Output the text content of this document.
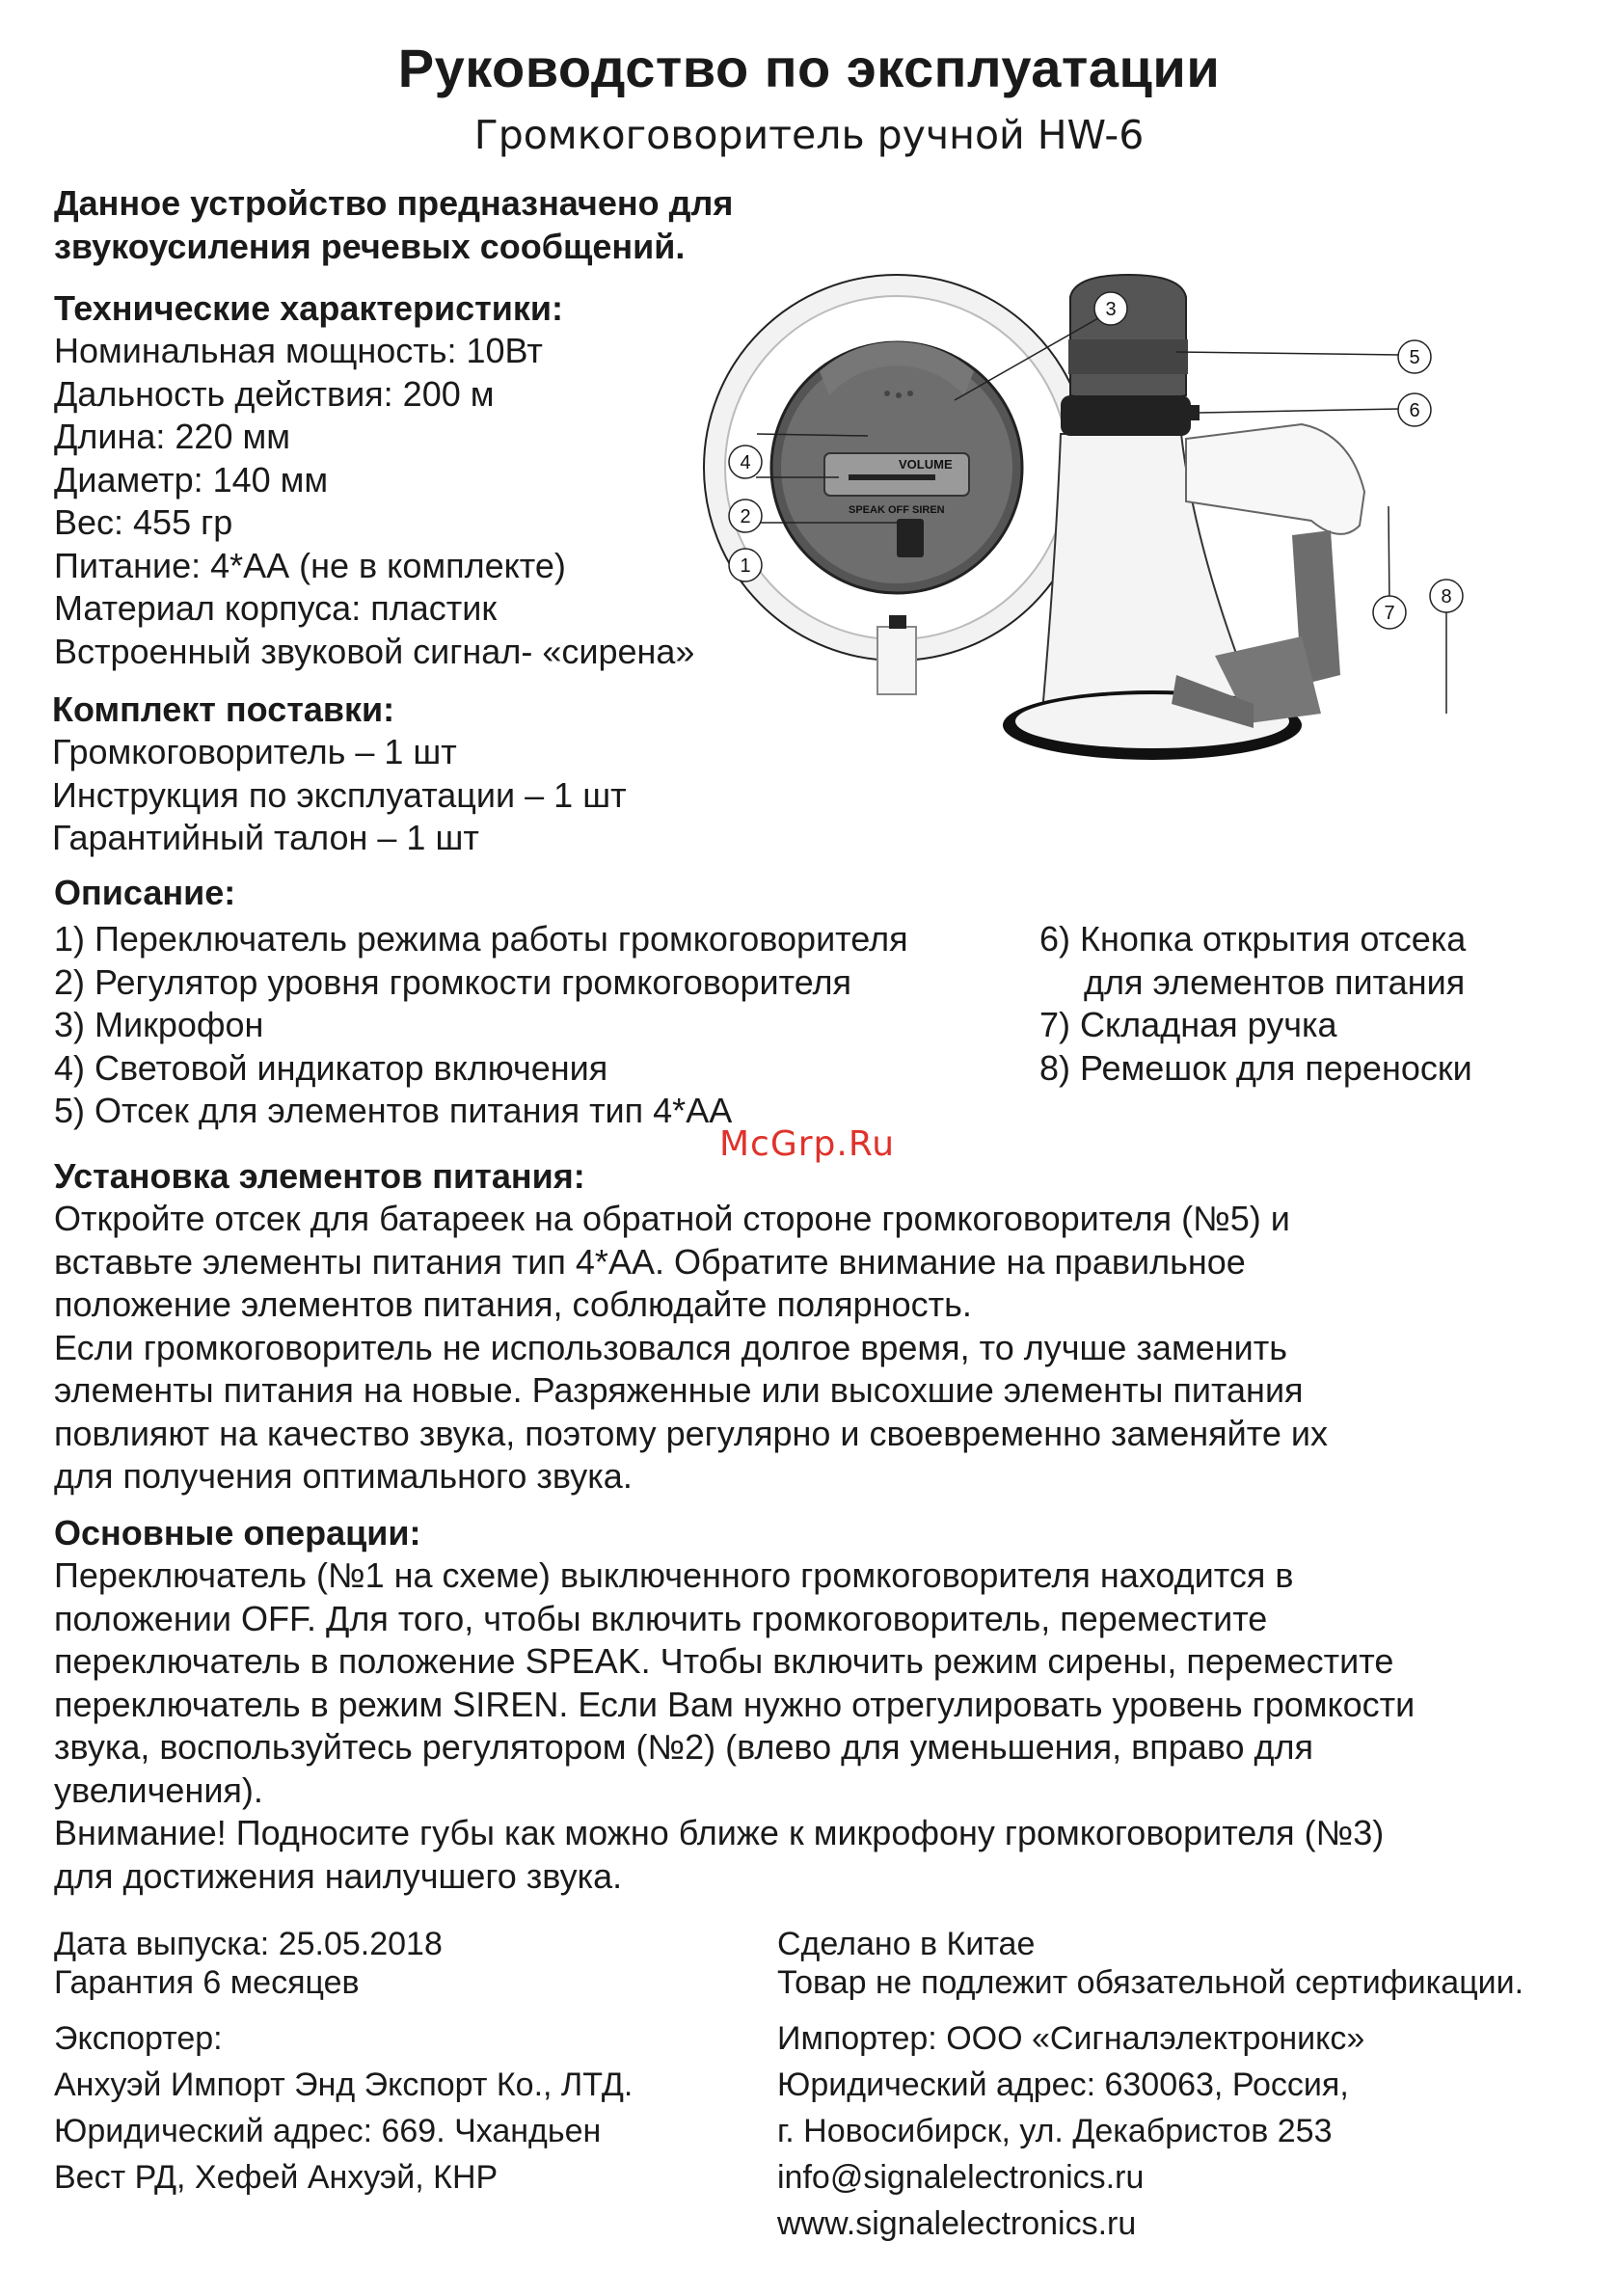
Руководство по эксплуатации
Громкоговоритель ручной HW-6
Данное устройство предназначено для
звукоусиления речевых сообщений.
Технические характеристики:
Номинальная мощность: 10Вт
Дальность действия: 200 м
Длина: 220 мм
Диаметр: 140 мм
Вес: 455 гр
Питание: 4*АА (не в комплекте)
Материал корпуса: пластик
Встроенный звуковой сигнал- «сирена»
Комплект поставки:
Громкоговоритель – 1 шт
Инструкция по эксплуатации – 1 шт
Гарантийный талон – 1 шт
VOLUME
SPEAK OFF SIREN
1
2
3
4
5
6
7
8
Описание:
1) Переключатель режима работы громкоговорителя
2) Регулятор уровня громкости громкоговорителя
3) Микрофон
4) Световой индикатор включения
5) Отсек для элементов питания тип 4*АА
6) Кнопка открытия отсека
для элементов питания
7) Складная ручка
8) Ремешок для переноски
McGrp.Ru
Установка элементов питания:
Откройте отсек для батареек на обратной стороне громкоговорителя (№5) и
вставьте элементы питания тип 4*АА. Обратите внимание на правильное
положение элементов питания, соблюдайте полярность.
Если громкоговоритель не использовался долгое время, то лучше заменить
элементы питания на новые. Разряженные или высохшие элементы питания
повлияют на качество звука, поэтому регулярно и своевременно заменяйте их
для получения оптимального звука.
Основные операции:
Переключатель (№1 на схеме) выключенного громкоговорителя находится в
положении OFF. Для того, чтобы включить громкоговоритель, переместите
переключатель в положение SPEAK. Чтобы включить режим сирены, переместите
переключатель в режим SIREN. Если Вам нужно отрегулировать уровень громкости
звука, воспользуйтесь регулятором (№2) (влево для уменьшения, вправо для
увеличения).
Внимание! Подносите губы как можно ближе к микрофону громкоговорителя (№3)
для достижения наилучшего звука.
Дата выпуска: 25.05.2018
Гарантия 6 месяцев
Сделано в Китае
Товар не подлежит обязательной сертификации.
Экспортер:
Анхуэй Импорт Энд Экспорт Ко., ЛТД.
Юридический адрес: 669. Чхандьен
Вест РД, Хефей Анхуэй, КНР
Импортер: ООО «Сигналэлектроникс»
Юридический адрес: 630063, Россия,
г. Новосибирск, ул. Декабристов 253
info@signalelectronics.ru
www.signalelectronics.ru
